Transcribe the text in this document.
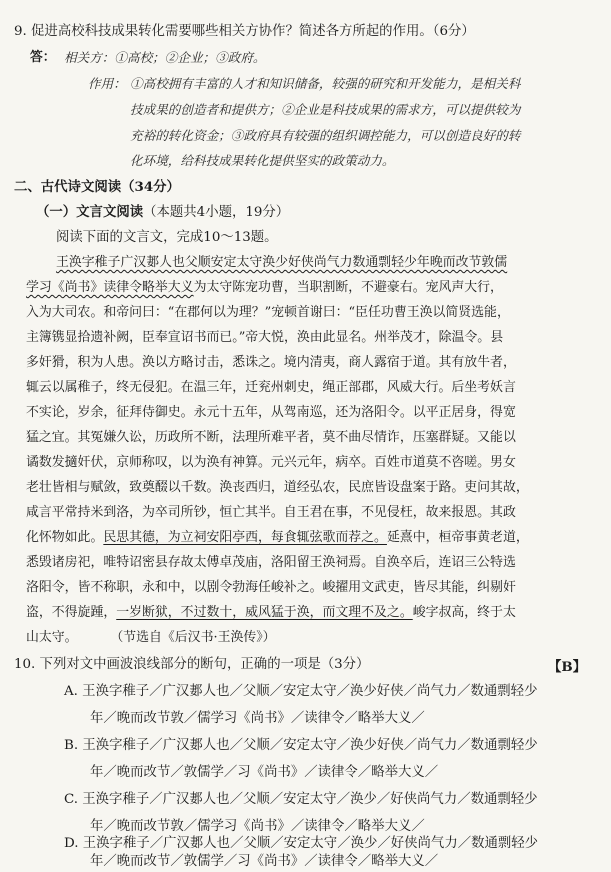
9. 促进高校科技成果转化需要哪些相关方协作？简述各方所起的作用。（6分）
答： 相关方：①高校；②企业；③政府。
作用： ①高校拥有丰富的人才和知识储备，较强的研究和开发能力，是相关科
技成果的创造者和提供方；②企业是科技成果的需求方，可以提供较为
充裕的转化资金；③政府具有较强的组织调控能力，可以创造良好的转
化环境，给科技成果转化提供坚实的政策动力。
二、古代诗文阅读（34分）
（一）文言文阅读（本题共4小题，19分）
阅读下面的文言文，完成10～13题。
王涣字稚子广汉郪人也父顺安定太守涣少好侠尚气力数通剽轻少年晚而改节敦儒
学习《尚书》读律令略举大义为太守陈宠功曹，当职割断，不避豪右。宠风声大行，
入为大司农。和帝问曰：“在郡何以为理？”宠顿首谢曰：“臣任功曹王涣以简贤选能，
主簿镌显拾遗补阙，臣奉宣诏书而已。”帝大悦，涣由此显名。州举茂才，除温令。县
多奸猾，积为人患。涣以方略讨击，悉诛之。境内清夷，商人露宿于道。其有放牛者，
辄云以属稚子，终无侵犯。在温三年，迁兖州刺史，绳正部郡，风威大行。后坐考妖言
不实论，岁余，征拜侍御史。永元十五年，从驾南巡，还为洛阳令。以平正居身，得宽
猛之宜。其冤嫌久讼，历政所不断，法理所难平者，莫不曲尽情诈，压塞群疑。又能以
谲数发擿奸伏，京师称叹，以为涣有神算。元兴元年，病卒。百姓市道莫不咨嗟。男女
老壮皆相与赋敛，致奠醊以千数。涣丧西归，道经弘农，民庶皆设盘案于路。吏问其故，
咸言平常持米到洛，为卒司所钞，恒亡其半。自王君在事，不见侵枉，故来报恩。其政
化怀物如此。民思其德，为立祠安阳亭西，每食辄弦歌而荐之。延熹中，桓帝事黄老道，
悉毁诸房祀，唯特诏密县存故太傅卓茂庙，洛阳留王涣祠焉。自涣卒后，连诏三公特选
洛阳令，皆不称职，永和中，以剧令勃海任峻补之。峻擢用文武吏，皆尽其能，纠剔奸
盗，不得旋踵，一岁断狱，不过数十，威风猛于涣，而文理不及之。峻字叔高，终于太
山太守。        （节选自《后汉书·王涣传》）
10. 下列对文中画波浪线部分的断句，正确的一项是（3分）	【B】
A. 王涣字稚子／广汉郪人也／父顺／安定太守／涣少好侠／尚气力／数通剽轻少
年／晚而改节敦／儒学习《尚书》／读律令／略举大义／
B. 王涣字稚子／广汉郪人也／父顺／安定太守／涣少好侠／尚气力／数通剽轻少
年／晚而改节／敦儒学／习《尚书》／读律令／略举大义／
C. 王涣字稚子／广汉郪人也／父顺／安定太守／涣少／好侠尚气力／数通剽轻少
年／晚而改节敦／儒学习《尚书》／读律令／略举大义／
D. 王涣字稚子／广汉郪人也／父顺／安定太守／涣少／好侠尚气力／数通剽轻少
年／晚而改节／敦儒学／习《尚书》／读律令／略举大义／
